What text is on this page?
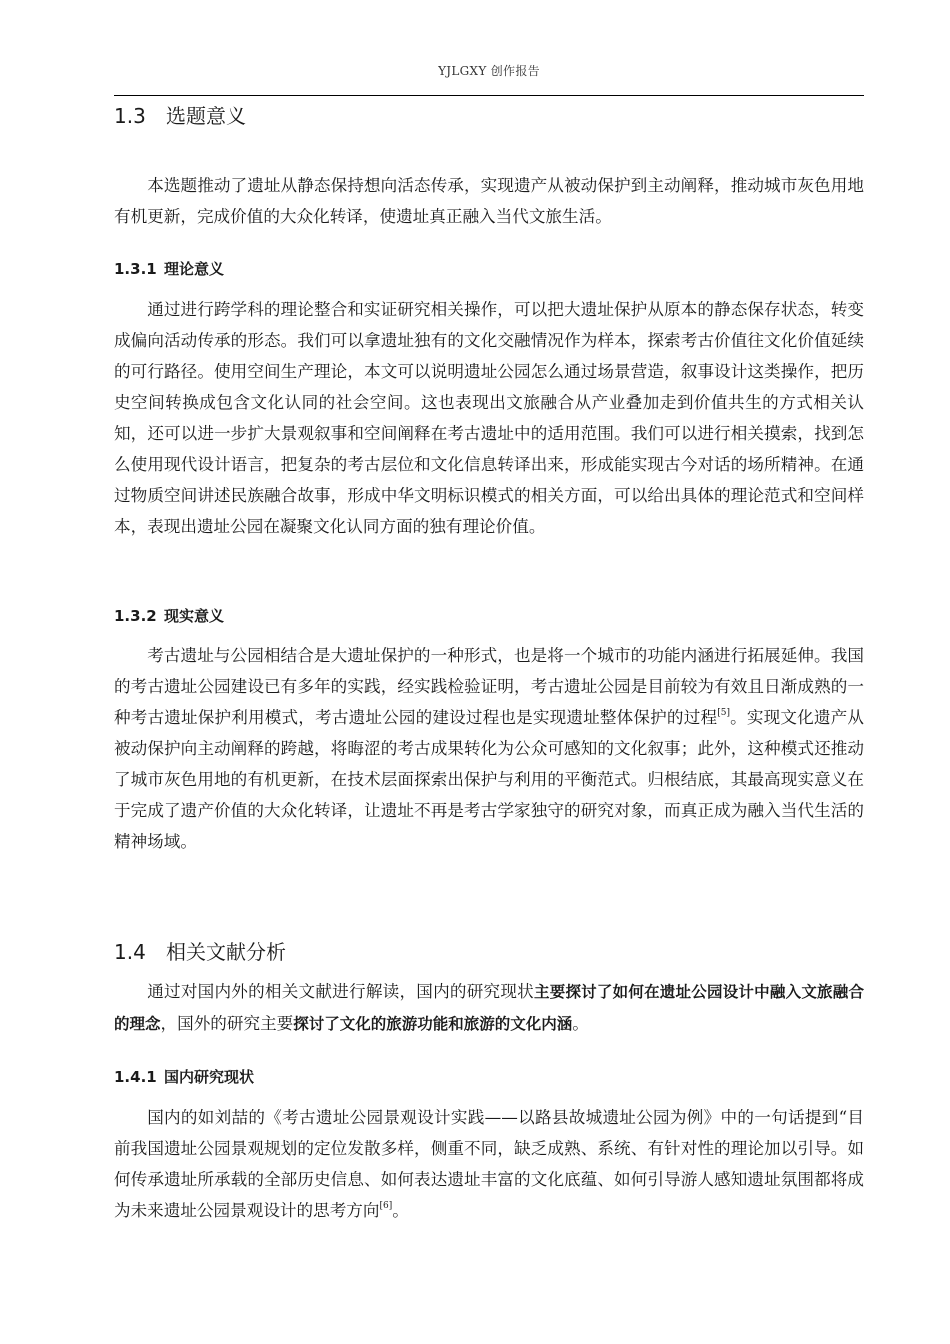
YJLGXY 创作报告
1.3 选题意义

本选题推动了遗址从静态保持想向活态传承，实现遗产从被动保护到主动阐释，推动城市灰色用地有机更新，完成价值的大众化转译，使遗址真正融入当代文旅生活。

1.3.1 理论意义

通过进行跨学科的理论整合和实证研究相关操作，可以把大遗址保护从原本的静态保存状态，转变成偏向活动传承的形态。我们可以拿遗址独有的文化交融情况作为样本，探索考古价值往文化价值延续的可行路径。使用空间生产理论，本文可以说明遗址公园怎么通过场景营造，叙事设计这类操作，把历史空间转换成包含文化认同的社会空间。这也表现出文旅融合从产业叠加走到价值共生的方式相关认知，还可以进一步扩大景观叙事和空间阐释在考古遗址中的适用范围。我们可以进行相关摸索，找到怎么使用现代设计语言，把复杂的考古层位和文化信息转译出来，形成能实现古今对话的场所精神。在通过物质空间讲述民族融合故事，形成中华文明标识模式的相关方面，可以给出具体的理论范式和空间样本，表现出遗址公园在凝聚文化认同方面的独有理论价值。

1.3.2 现实意义

考古遗址与公园相结合是大遗址保护的一种形式，也是将一个城市的功能内涵进行拓展延伸。我国的考古遗址公园建设已有多年的实践，经实践检验证明，考古遗址公园是目前较为有效且日渐成熟的一种考古遗址保护利用模式，考古遗址公园的建设过程也是实现遗址整体保护的过程[5]。实现文化遗产从被动保护向主动阐释的跨越，将晦涩的考古成果转化为公众可感知的文化叙事；此外，这种模式还推动了城市灰色用地的有机更新，在技术层面探索出保护与利用的平衡范式。归根结底，其最高现实意义在于完成了遗产价值的大众化转译，让遗址不再是考古学家独守的研究对象，而真正成为融入当代生活的精神场域。

1.4 相关文献分析

通过对国内外的相关文献进行解读，国内的研究现状主要探讨了如何在遗址公园设计中融入文旅融合的理念，国外的研究主要探讨了文化的旅游功能和旅游的文化内涵。

1.4.1 国内研究现状

国内的如刘喆的《考古遗址公园景观设计实践——以路县故城遗址公园为例》中的一句话提到“目前我国遗址公园景观规划的定位发散多样，侧重不同，缺乏成熟、系统、有针对性的理论加以引导。如何传承遗址所承载的全部历史信息、如何表达遗址丰富的文化底蕴、如何引导游人感知遗址氛围都将成为未来遗址公园景观设计的思考方向[6]。
